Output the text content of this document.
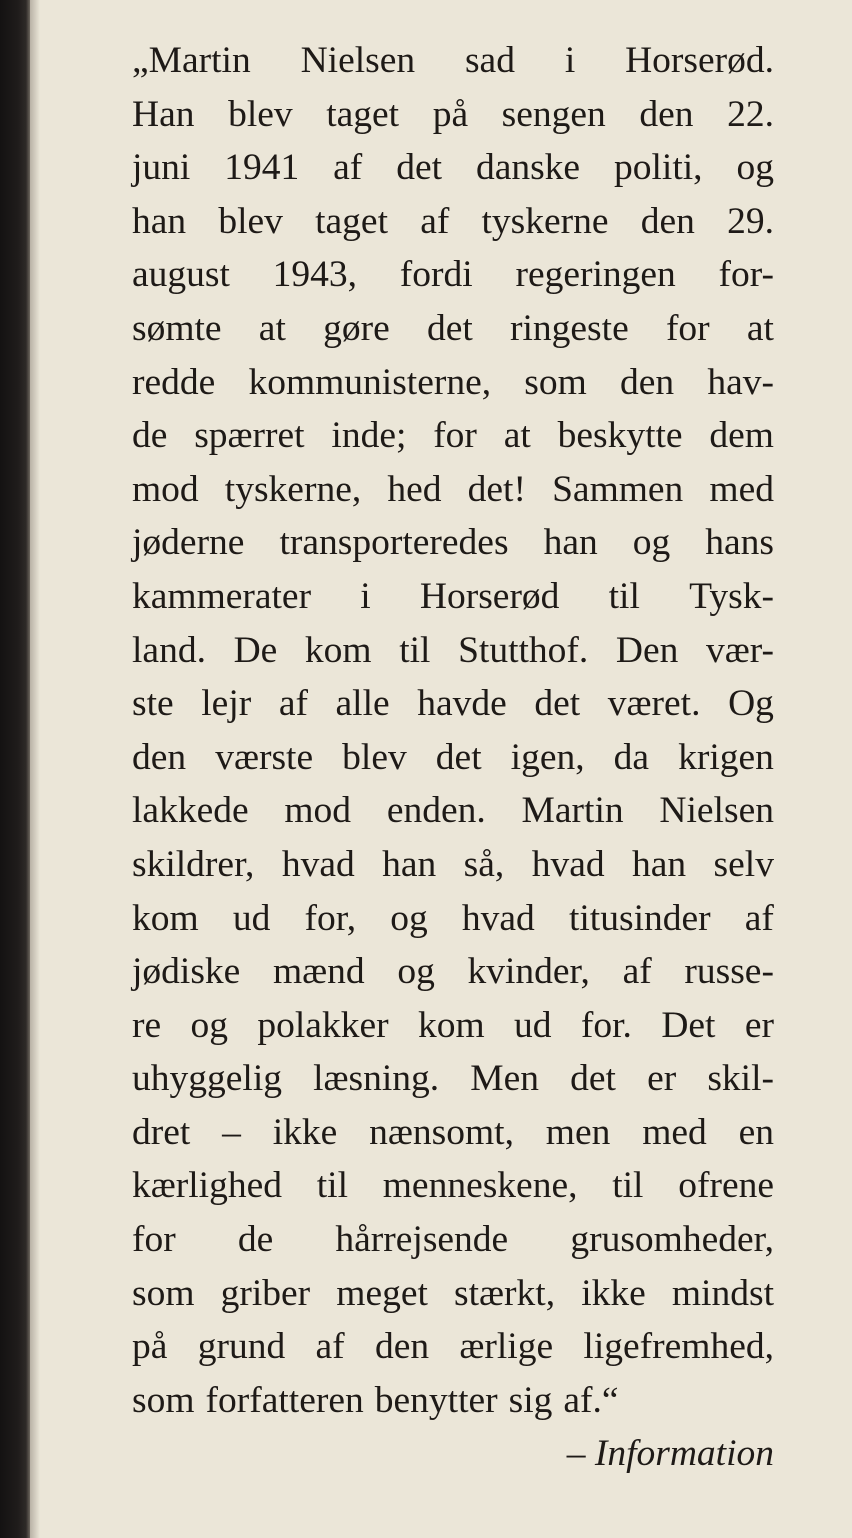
„Martin Nielsen sad i Horserød.
Han blev taget på sengen den 22.
juni 1941 af det danske politi, og
han blev taget af tyskerne den 29.
august 1943, fordi regeringen for-
sømte at gøre det ringeste for at
redde kommunisterne, som den hav-
de spærret inde; for at beskytte dem
mod tyskerne, hed det! Sammen med
jøderne transporteredes han og hans
kammerater i Horserød til Tysk-
land. De kom til Stutthof. Den vær-
ste lejr af alle havde det været. Og
den værste blev det igen, da krigen
lakkede mod enden. Martin Nielsen
skildrer, hvad han så, hvad han selv
kom ud for, og hvad titusinder af
jødiske mænd og kvinder, af russe-
re og polakker kom ud for. Det er
uhyggelig læsning. Men det er skil-
dret – ikke nænsomt, men med en
kærlighed til menneskene, til ofrene
for de hårrejsende grusomheder,
som griber meget stærkt, ikke mindst
på grund af den ærlige ligefremhed,
som forfatteren benytter sig af.“
– Information
